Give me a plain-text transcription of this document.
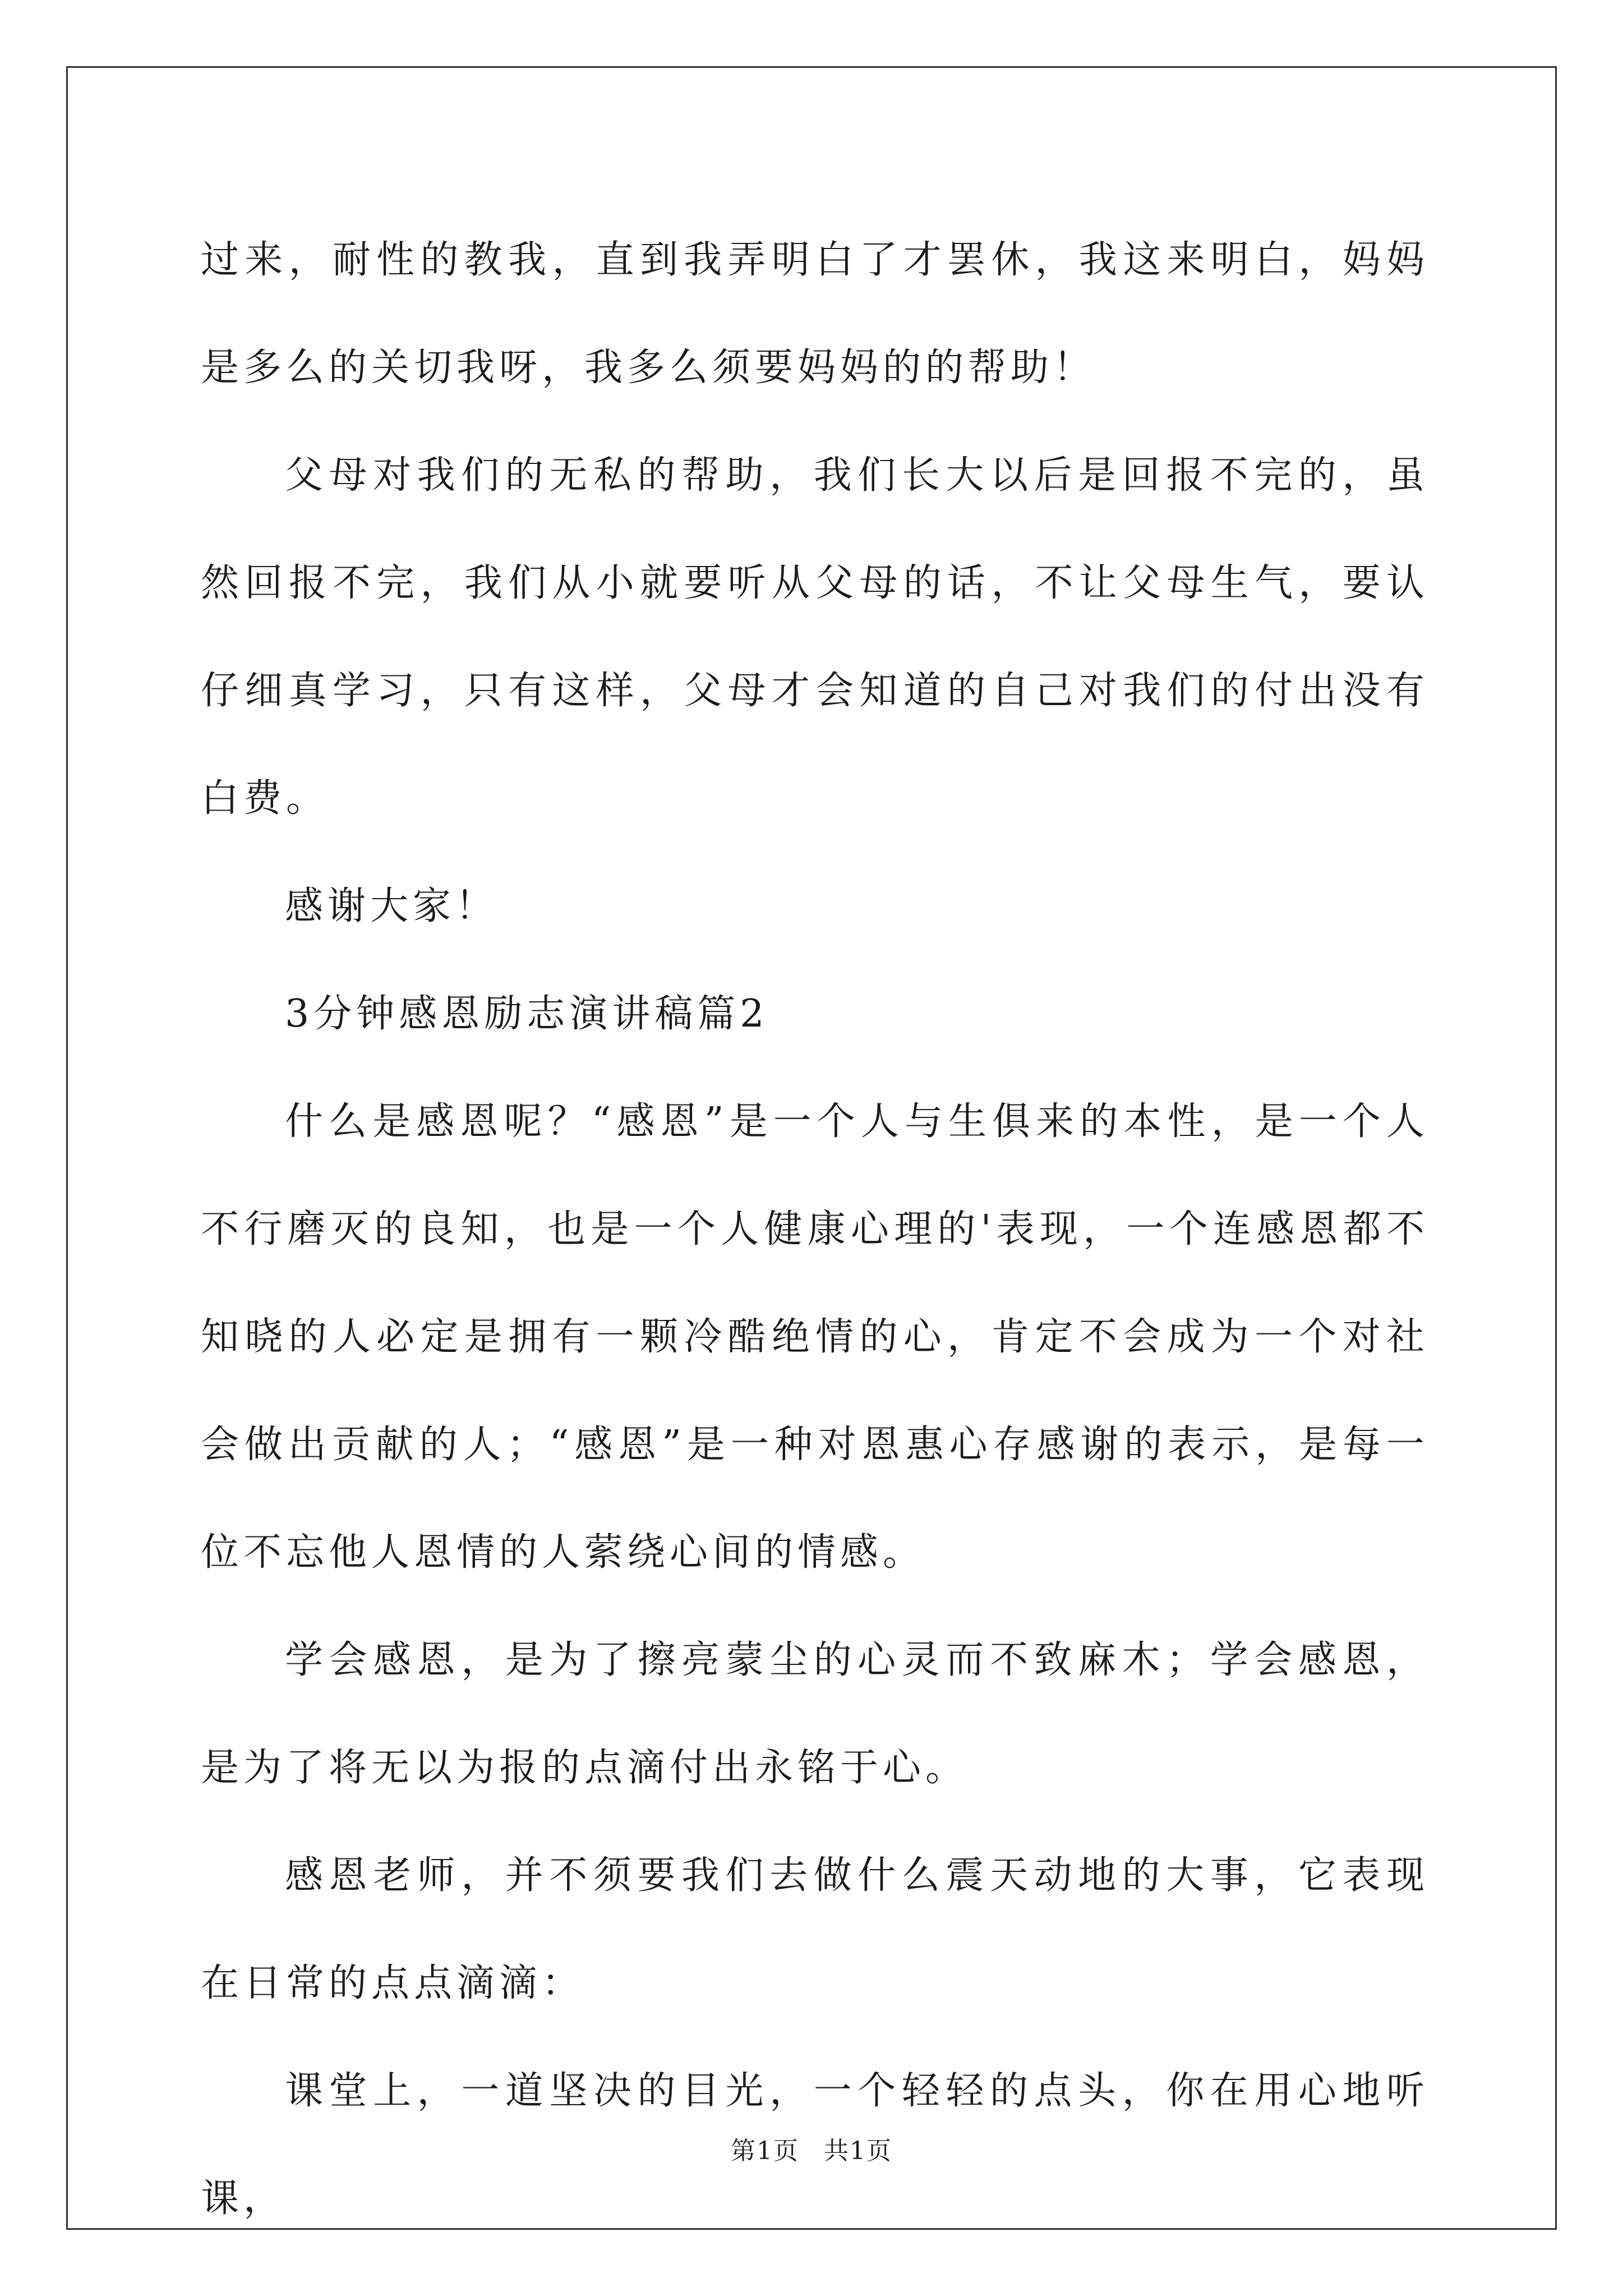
过来，耐性的教我，直到我弄明白了才罢休，我这来明白，妈妈是多么的关切我呀，我多么须要妈妈的的帮助！

父母对我们的无私的帮助，我们长大以后是回报不完的，虽然回报不完，我们从小就要听从父母的话，不让父母生气，要认仔细真学习，只有这样，父母才会知道的自己对我们的付出没有白费。

感谢大家！

3分钟感恩励志演讲稿篇2

什么是感恩呢？“感恩”是一个人与生俱来的本性，是一个人不行磨灭的良知，也是一个人健康心理的'表现，一个连感恩都不知晓的人必定是拥有一颗冷酷绝情的心，肯定不会成为一个对社会做出贡献的人；“感恩”是一种对恩惠心存感谢的表示，是每一位不忘他人恩情的人萦绕心间的情感。

学会感恩，是为了擦亮蒙尘的心灵而不致麻木；学会感恩，是为了将无以为报的点滴付出永铭于心。

感恩老师，并不须要我们去做什么震天动地的大事，它表现在日常的点点滴滴：

课堂上，一道坚决的目光，一个轻轻的点头，你在用心地听课，

第1页 共1页
